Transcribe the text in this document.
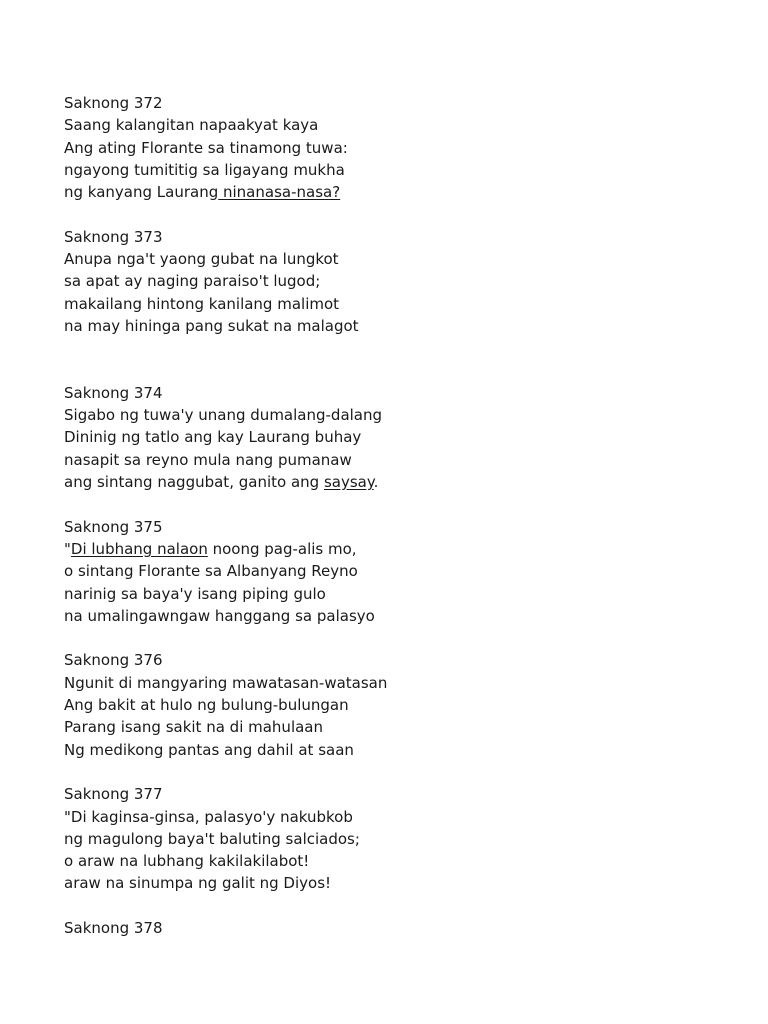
Saknong 372
Saang kalangitan napaakyat kaya
Ang ating Florante sa tinamong tuwa:
ngayong tumititig sa ligayang mukha
ng kanyang Laurang ninanasa-nasa?
Saknong 373
Anupa nga't yaong gubat na lungkot
sa apat ay naging paraiso't lugod;
makailang hintong kanilang malimot
na may hininga pang sukat na malagot
Saknong 374
Sigabo ng tuwa'y unang dumalang-dalang
Dininig ng tatlo ang kay Laurang buhay
nasapit sa reyno mula nang pumanaw
ang sintang naggubat, ganito ang saysay.
Saknong 375
"Di lubhang nalaon noong pag-alis mo,
o sintang Florante sa Albanyang Reyno
narinig sa baya'y isang piping gulo
na umalingawngaw hanggang sa palasyo
Saknong 376
Ngunit di mangyaring mawatasan-watasan
Ang bakit at hulo ng bulung-bulungan
Parang isang sakit na di mahulaan
Ng medikong pantas ang dahil at saan
Saknong 377
"Di kaginsa-ginsa, palasyo'y nakubkob
ng magulong baya't baluting salciados;
o araw na lubhang kakilakilabot!
araw na sinumpa ng galit ng Diyos!
Saknong 378
